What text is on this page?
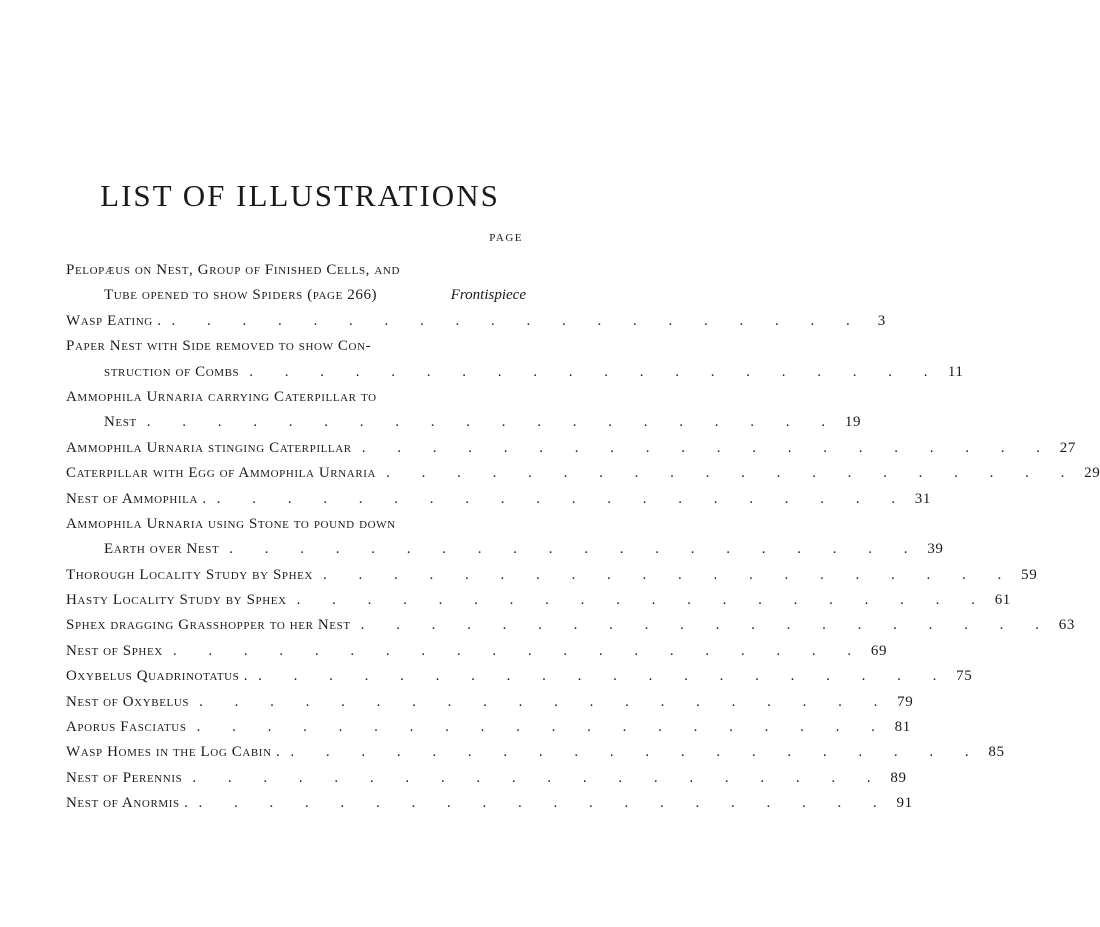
LIST OF ILLUSTRATIONS
PAGE
Pelopæus on Nest, Group of Finished Cells, and
Tube opened to show Spiders (page 266)	Frontispiece
Wasp Eating . . . . . . . . . . . . . . . . . . . . . 3
Paper Nest with Side removed to show Con-
struction of Combs . . . . . . . . . . . . . . . . . . . . 11
Ammophila Urnaria carrying Caterpillar to
Nest . . . . . . . . . . . . . . . . . . . . 19
Ammophila Urnaria stinging Caterpillar . . . . . . . . . . . . . . . . . . . . 27
Caterpillar with Egg of Ammophila Urnaria . . . . . . . . . . . . . . . . . . . . 29
Nest of Ammophila . . . . . . . . . . . . . . . . . . . . . 31
Ammophila Urnaria using Stone to pound down
Earth over Nest . . . . . . . . . . . . . . . . . . . . 39
Thorough Locality Study by Sphex . . . . . . . . . . . . . . . . . . . . 59
Hasty Locality Study by Sphex . . . . . . . . . . . . . . . . . . . . 61
Sphex dragging Grasshopper to her Nest . . . . . . . . . . . . . . . . . . . . 63
Nest of Sphex . . . . . . . . . . . . . . . . . . . . 69
Oxybelus Quadrinotatus . . . . . . . . . . . . . . . . . . . . . 75
Nest of Oxybelus . . . . . . . . . . . . . . . . . . . . 79
Aporus Fasciatus . . . . . . . . . . . . . . . . . . . . 81
Wasp Homes in the Log Cabin . . . . . . . . . . . . . . . . . . . . . 85
Nest of Perennis . . . . . . . . . . . . . . . . . . . . 89
Nest of Anormis . . . . . . . . . . . . . . . . . . . . . 91
